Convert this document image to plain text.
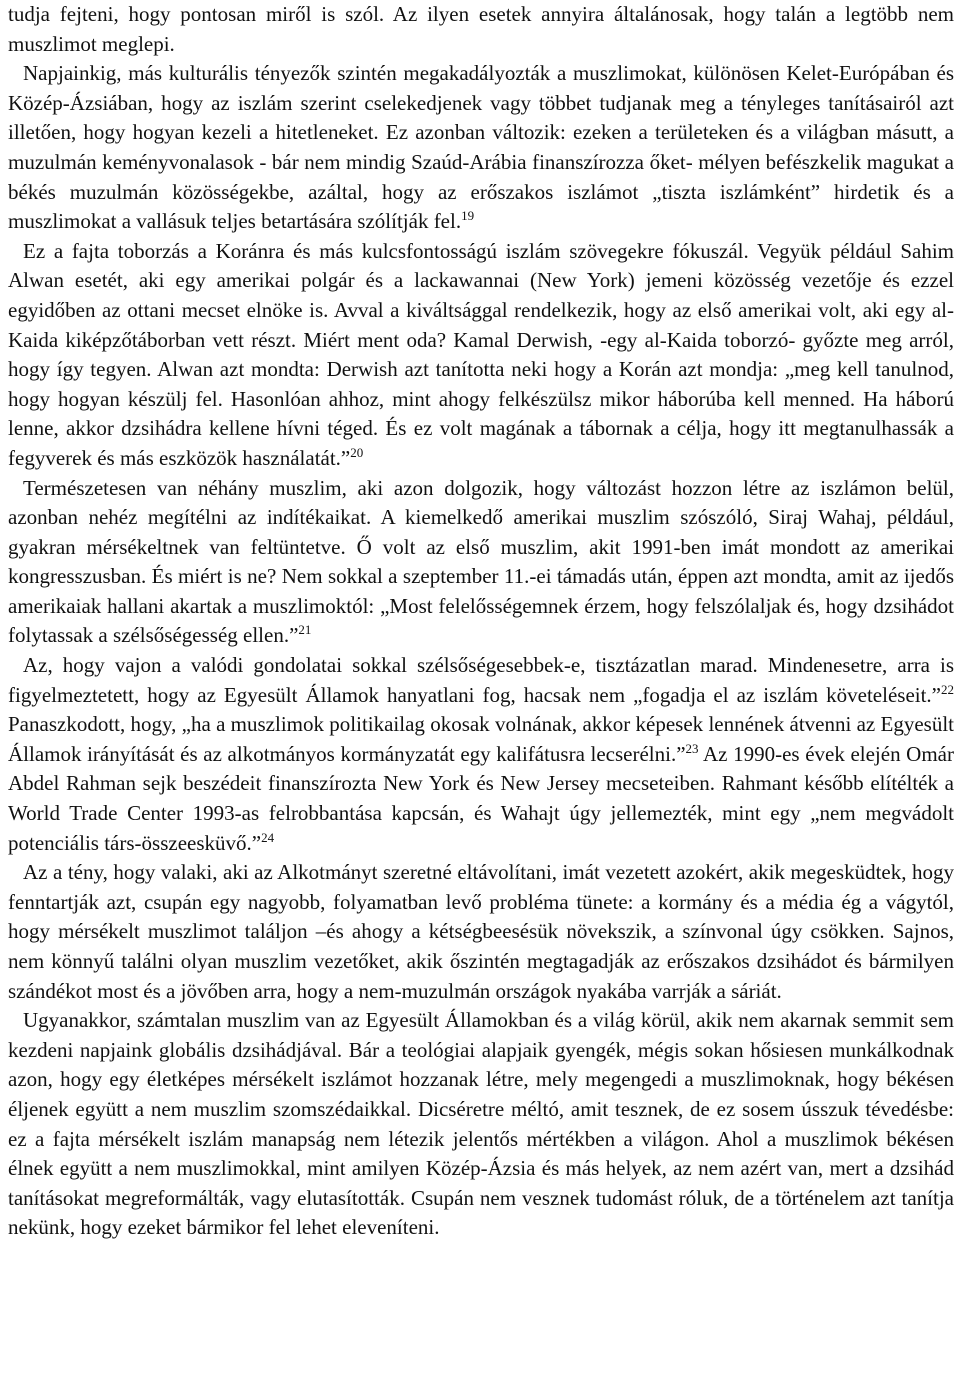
tudja fejteni, hogy pontosan miről is szól. Az ilyen esetek annyira általánosak, hogy talán a legtöbb nem muszlimot meglepi.

Napjainkig, más kulturális tényezők szintén megakadályozták a muszlimokat, különösen Kelet-Európában és Közép-Ázsiában, hogy az iszlám szerint cselekedjenek vagy többet tudjanak meg a tényleges tanításairól azt illetően, hogy hogyan kezeli a hitetleneket. Ez azonban változik: ezeken a területeken és a világban másutt, a muzulmán keményvonalasok - bár nem mindig Szaúd-Arábia finanszírozza őket- mélyen befészkelik magukat a békés muzulmán közösségekbe, azáltal, hogy az erőszakos iszlámot „tiszta iszlámként” hirdetik és a muszlimokat a vallásuk teljes betartására szólítják fel.$^{19}$

Ez a fajta toborzás a Koránra és más kulcsfontosságú iszlám szövegekre fókuszál. Vegyük például Sahim Alwan esetét, aki egy amerikai polgár és a lackawannai (New York) jemeni közösség vezetője és ezzel egyidőben az ottani mecset elnöke is. Avval a kiváltsággal rendelkezik, hogy az első amerikai volt, aki egy al-Kaida kiképzőtáborban vett részt. Miért ment oda? Kamal Derwish, -egy al-Kaida toborzó- győzte meg arról, hogy így tegyen. Alwan azt mondta: Derwish azt tanította neki hogy a Korán azt mondja: „meg kell tanulnod, hogy hogyan készülj fel. Hasonlóan ahhoz, mint ahogy felkészülsz mikor háborúba kell menned. Ha háború lenne, akkor dzsihádra kellene hívni téged. És ez volt magának a tábornak a célja, hogy itt megtanulhassák a fegyverek és más eszközök használatát.”$^{20}$

Természetesen van néhány muszlim, aki azon dolgozik, hogy változást hozzon létre az iszlámon belül, azonban nehéz megítélni az indítékaikat. A kiemelkedő amerikai muszlim szószóló, Siraj Wahaj, például, gyakran mérsékeltnek van feltüntetve. Ő volt az első muszlim, akit 1991-ben imát mondott az amerikai kongresszusban. És miért is ne? Nem sokkal a szeptember 11.-ei támadás után, éppen azt mondta, amit az ijedős amerikaiak hallani akartak a muszlimoktól: „Most felelősségemnek érzem, hogy felszólaljak és, hogy dzsihádot folytassak a szélsőségesség ellen.”$^{21}$

Az, hogy vajon a valódi gondolatai sokkal szélsőségesebbek-e, tisztázatlan marad. Mindenesetre, arra is figyelmeztetett, hogy az Egyesült Államok hanyatlani fog, hacsak nem „fogadja el az iszlám követeléseit.”$^{22}$ Panaszkodott, hogy, „ha a muszlimok politikailag okosak volnának, akkor képesek lennének átvenni az Egyesült Államok irányítását és az alkotmányos kormányzatát egy kalifátusra lecserélni.”$^{23}$ Az 1990-es évek elején Omár Abdel Rahman sejk beszédeit finanszírozta New York és New Jersey mecseteiben. Rahmant később elítélték a World Trade Center 1993-as felrobbantása kapcsán, és Wahajt úgy jellemezték, mint egy „nem megvádolt potenciális társ-összeesküvő.”$^{24}$

Az a tény, hogy valaki, aki az Alkotmányt szeretné eltávolítani, imát vezetett azokért, akik megesküdtek, hogy fenntartják azt, csupán egy nagyobb, folyamatban levő probléma tünete: a kormány és a média ég a vágytól, hogy mérsékelt muszlimot találjon –és ahogy a kétségbeesésük növekszik, a színvonal úgy csökken. Sajnos, nem könnyű találni olyan muszlim vezetőket, akik őszintén megtagadják az erőszakos dzsihádot és bármilyen szándékot most és a jövőben arra, hogy a nem-muzulmán országok nyakába varrják a sáriát.

Ugyanakkor, számtalan muszlim van az Egyesült Államokban és a világ körül, akik nem akarnak semmit sem kezdeni napjaink globális dzsihádjával. Bár a teológiai alapjaik gyengék, mégis sokan hősiesen munkálkodnak azon, hogy egy életképes mérsékelt iszlámot hozzanak létre, mely megengedi a muszlimoknak, hogy békésen éljenek együtt a nem muszlim szomszédaikkal. Dicséretre méltó, amit tesznek, de ez sosem ússzuk tévedésbe: ez a fajta mérsékelt iszlám manapság nem létezik jelentős mértékben a világon. Ahol a muszlimok békésen élnek együtt a nem muszlimokkal, mint amilyen Közép-Ázsia és más helyek, az nem azért van, mert a dzsihád tanításokat megreformálták, vagy elutasították. Csupán nem vesznek tudomást róluk, de a történelem azt tanítja nekünk, hogy ezeket bármikor fel lehet eleveníteni.
